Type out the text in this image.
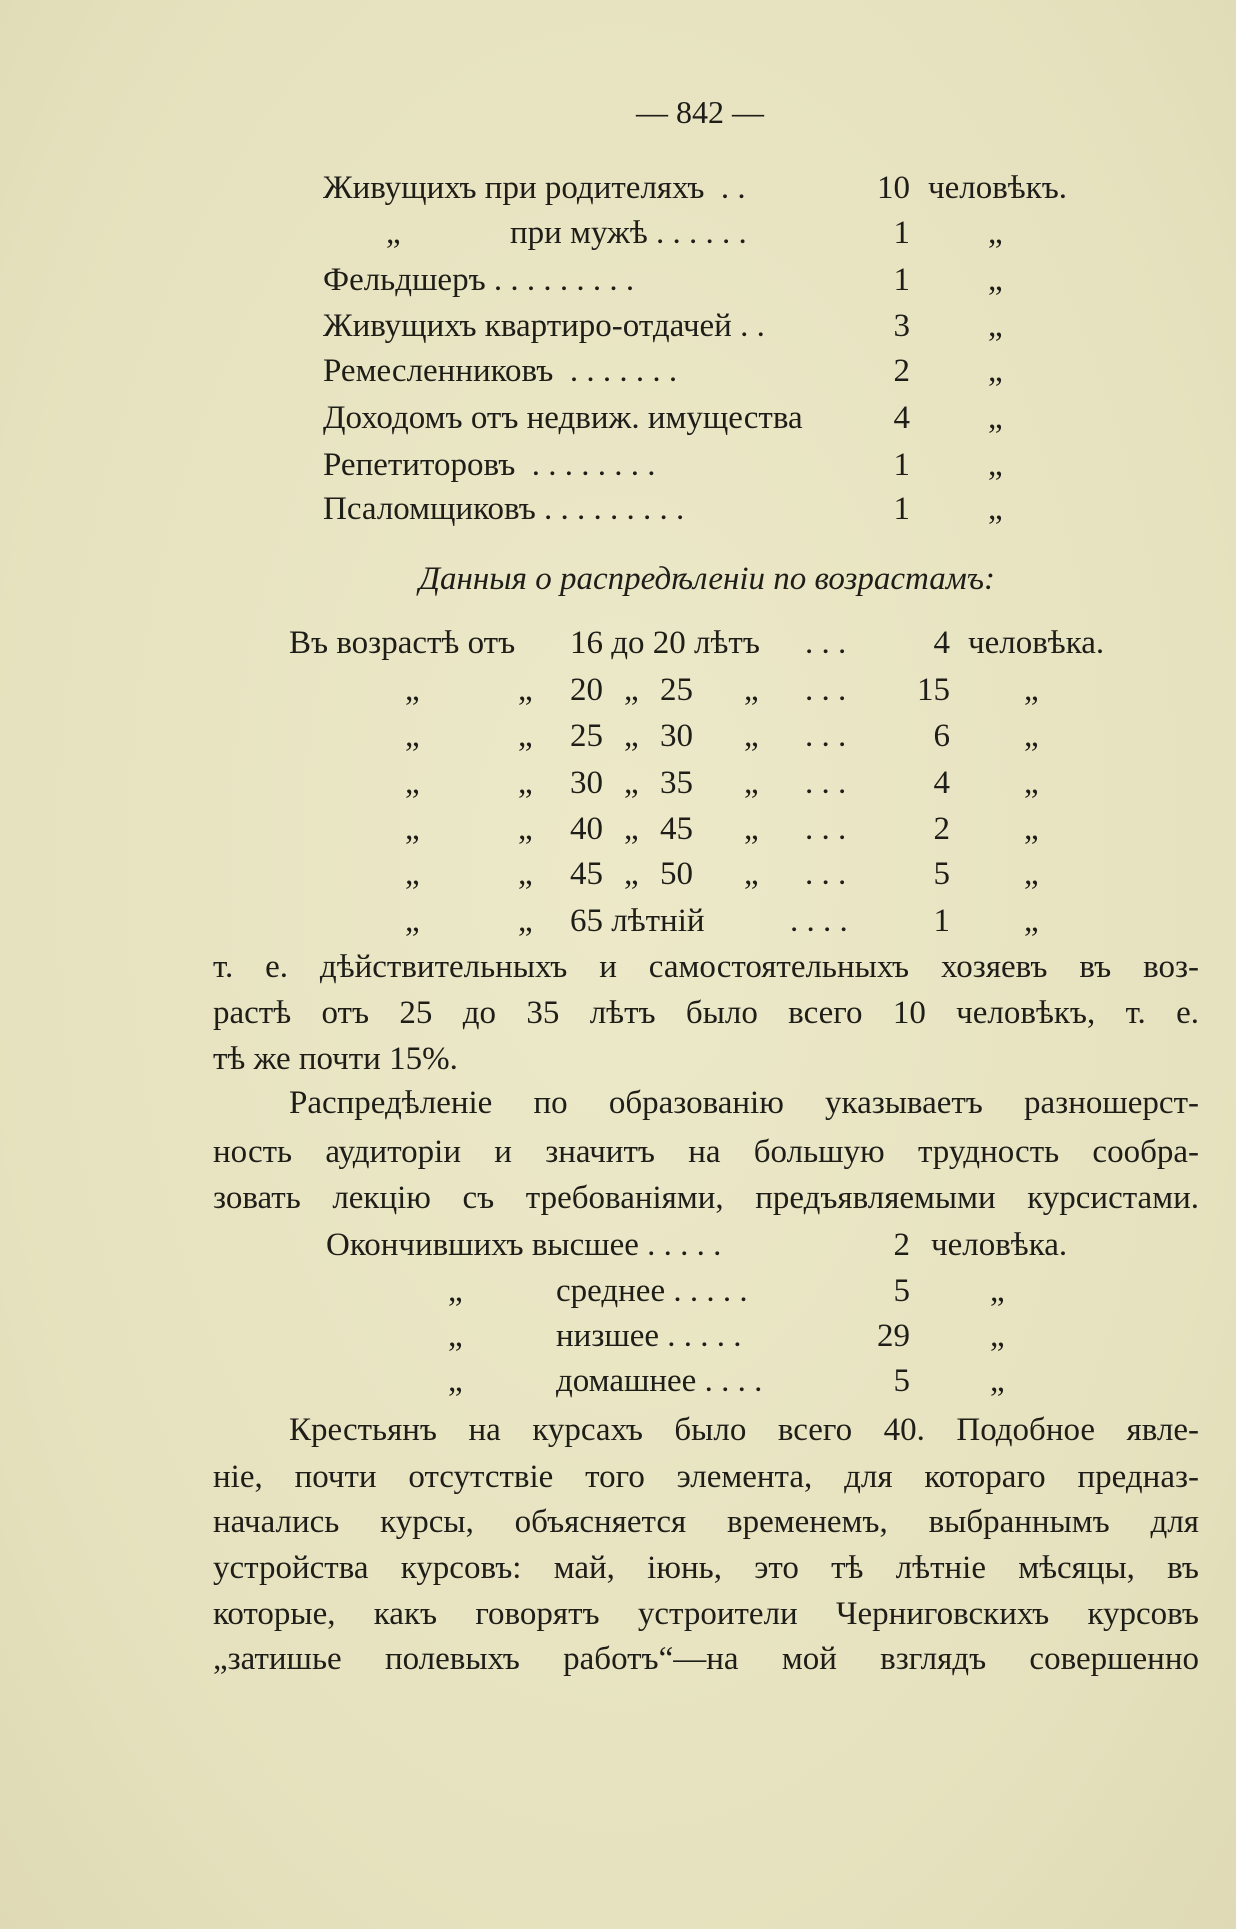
— 842 —
Живущихъ при родителяхъ  . .	10 человѣкъ.
„	при мужѣ . . . . . .	1 „
Фельдшеръ . . . . . . . . .	1 „
Живущихъ квартиро-отдачей . .	3 „
Ремесленниковъ  . . . . . . .	2 „
Доходомъ отъ недвиж. имущества	4 „
Репетиторовъ  . . . . . . . .	1 „
Псаломщиковъ . . . . . . . . .	1 „
Данныя о распредѣленіи по возрастамъ:
Въ возрастѣ отъ 16 до 20 лѣтъ . . .	4 человѣка.
„	„ 20 „ 25 „ . . .	15 „
„	„ 25 „ 30 „ . . .	6 „
„	„ 30 „ 35 „ . . .	4 „
„	„ 40 „ 45 „ . . .	2 „
„	„ 45 „ 50 „ . . .	5 „
„	„ 65 лѣтній	. . . .	1 „
т. е. дѣйствительныхъ и самостоятельныхъ хозяевъ въ воз-
растѣ отъ 25 до 35 лѣтъ было всего 10 человѣкъ, т. е.
тѣ же почти 15%.
Распредѣленіе по образованію указываетъ разношерст-
ность аудиторіи и значитъ на большую трудность сообра-
зовать лекцію съ требованіями, предъявляемыми курсистами.
Окончившихъ высшее . . . . .	2 человѣка.
„	среднее . . . . .	5 „
„	низшее . . . . .	29 „
„	домашнее . . . .	5 „
Крестьянъ на курсахъ было всего 40. Подобное явле-
ніе, почти отсутствіе того элемента, для котораго предназ-
начались курсы, объясняется временемъ, выбраннымъ для
устройства курсовъ: май, іюнь, это тѣ лѣтніе мѣсяцы, въ
которые, какъ говорятъ устроители Черниговскихъ курсовъ
„затишье полевыхъ работъ“—на мой взглядъ совершенно
